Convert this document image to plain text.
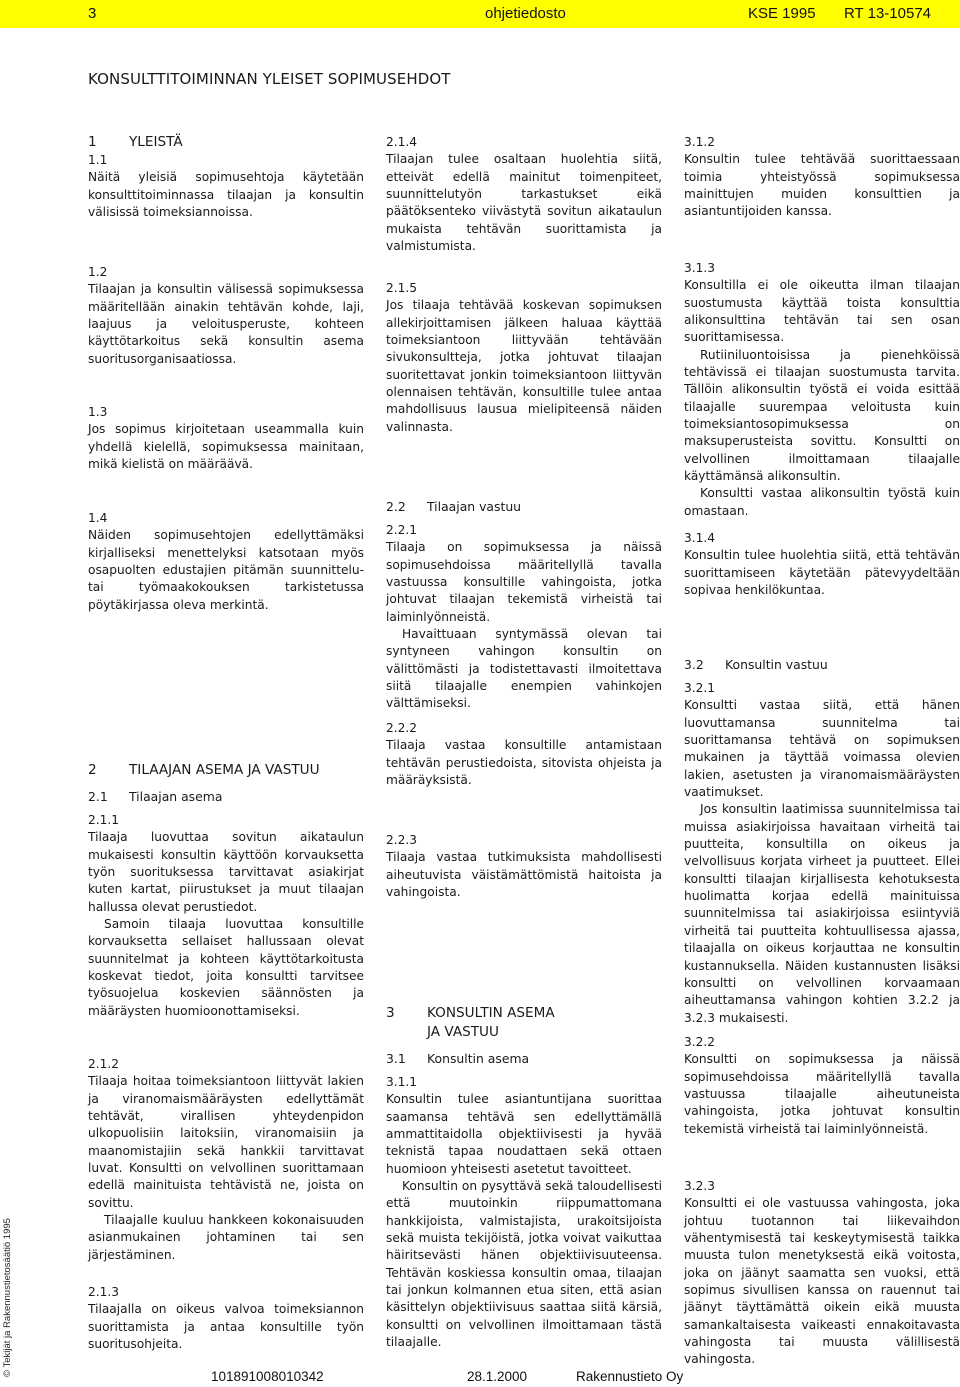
3	ohjetiedosto	KSE 1995 RT 13-10574
KONSULTTITOIMINNAN YLEISET SOPIMUSEHDOT
1 YLEISTÄ

1.1
Näitä yleisiä sopimusehtoja käytetään konsulttitoiminnassa tilaajan ja konsultin välisissä toimeksiannoissa.

1.2
Tilaajan ja konsultin välisessä sopimuksessa määritellään ainakin tehtävän kohde, laji, laajuus ja veloitusperuste, kohteen käyttötarkoitus sekä konsultin asema suoritusorganisaatiossa.

1.3
Jos sopimus kirjoitetaan useammalla kuin yhdellä kielellä, sopimuksessa mainitaan, mikä kielistä on määräävä.

1.4
Näiden sopimusehtojen edellyttämäksi kirjalliseksi menettelyksi katsotaan myös osapuolten edustajien pitämän suunnittelu-tai työmaakokouksen tarkistetussa pöytäkirjassa oleva merkintä.

2 TILAAJAN ASEMA JA VASTUU
2.1 Tilaajan asema

2.1.1
Tilaaja luovuttaa sovitun aikataulun mukaisesti konsultin käyttöön korvauksetta työn suorituksessa tarvittavat asiakirjat kuten kartat, piirustukset ja muut tilaajan hallussa olevat perustiedot.
Samoin tilaaja luovuttaa konsultille korvauksetta sellaiset hallussaan olevat suunnitelmat ja kohteen käyttötarkoitusta koskevat tiedot, joita konsultti tarvitsee työsuojelua koskevien säännösten ja määräysten huomioonottamiseksi.

2.1.2
Tilaaja hoitaa toimeksiantoon liittyvät lakien ja viranomaismääräysten edellyttämät tehtävät, virallisen yhteydenpidon ulkopuolisiin laitoksiin, viranomaisiin ja maanomistajiin sekä hankkii tarvittavat luvat. Konsultti on velvollinen suorittamaan edellä mainituista tehtävistä ne, joista on sovittu.
Tilaajalle kuuluu hankkeen kokonaisuuden asianmukainen johtaminen tai sen järjestäminen.

2.1.3
Tilaajalla on oikeus valvoa toimeksiannon suorittamista ja antaa konsultille työn suoritusohjeita.

2.1.4
Tilaajan tulee osaltaan huolehtia siitä, etteivät edellä mainitut toimenpiteet, suunnittelutyön tarkastukset eikä päätöksenteko viivästytä sovitun aikataulun mukaista tehtävän suorittamista ja valmistumista.

2.1.5
Jos tilaaja tehtävää koskevan sopimuksen allekirjoittamisen jälkeen haluaa käyttää toimeksiantoon liittyvään tehtävään sivukonsultteja, jotka johtuvat tilaajan suoritettavat jonkin toimeksiantoon liittyvän olennaisen tehtävän, konsultille tulee antaa mahdollisuus lausua mielipiteensä näiden valinnasta.

2.2 Tilaajan vastuu

2.2.1
Tilaaja on sopimuksessa ja näissä sopimusehdoissa määritellyllä tavalla vastuussa konsultille vahingoista, jotka johtuvat tilaajan tekemistä virheistä tai laiminlyönneistä.
Havaittuaan syntymässä olevan tai syntyneen vahingon konsultin on välittömästi ja todistettavasti ilmoitettava siitä tilaajalle enempien vahinkojen välttämiseksi.

2.2.2
Tilaaja vastaa konsultille antamistaan tehtävän perustiedoista, sitovista ohjeista ja määräyksistä.

2.2.3
Tilaaja vastaa tutkimuksista mahdollisesti aiheutuvista väistämättömistä haitoista ja vahingoista.

3 KONSULTIN ASEMA
JA VASTUU
3.1 Konsultin asema

3.1.1
Konsultin tulee asiantuntijana suorittaa saamansa tehtävä sen edellyttämällä ammattitaidolla objektiivisesti ja hyvää teknistä tapaa noudattaen sekä ottaen huomioon yhteisesti asetetut tavoitteet.
Konsultin on pysyttävä sekä taloudellisesti että muutoinkin riippumattomana hankkijoista, valmistajista, urakoitsijoista sekä muista tekijöistä, jotka voivat vaikuttaa häiritsevästi hänen objektiivisuuteensa. Tehtävän koskiessa konsultin omaa, tilaajan tai jonkun kolmannen etua siten, että asian käsittelyn objektiivisuus saattaa siitä kärsiä, konsultti on velvollinen ilmoittamaan tästä tilaajalle.

3.1.2
Konsultin tulee tehtävää suorittaessaan toimia yhteistyössä sopimuksessa mainittujen muiden konsulttien ja asiantuntijoiden kanssa.

3.1.3
Konsultilla ei ole oikeutta ilman tilaajan suostumusta käyttää toista konsulttia alikonsulttina tehtävän tai sen osan suorittamisessa.
Rutiiniluontoisissa ja pienehköissä tehtävissä ei tilaajan suostumusta tarvita. Tällöin alikonsultin työstä ei voida esittää tilaajalle suurempaa veloitusta kuin toimeksiantosopimuksessa on maksuperusteista sovittu. Konsultti on velvollinen ilmoittamaan tilaajalle käyttämänsä alikonsultin.
Konsultti vastaa alikonsultin työstä kuin omastaan.

3.1.4
Konsultin tulee huolehtia siitä, että tehtävän suorittamiseen käytetään pätevyydeltään sopivaa henkilökuntaa.

3.2 Konsultin vastuu

3.2.1
Konsultti vastaa siitä, että hänen luovuttamansa suunnitelma tai suorittamansa tehtävä on sopimuksen mukainen ja täyttää voimassa olevien lakien, asetusten ja viranomaismääräysten vaatimukset.
Jos konsultin laatimissa suunnitelmissa tai muissa asiakirjoissa havaitaan virheitä tai puutteita, konsultilla on oikeus ja velvollisuus korjata virheet ja puutteet. Ellei konsultti tilaajan kirjallisesta kehotuksesta huolimatta korjaa edellä mainituissa suunnitelmissa tai asiakirjoissa esiintyviä virheitä tai puutteita kohtuullisessa ajassa, tilaajalla on oikeus korjauttaa ne konsultin kustannuksella. Näiden kustannusten lisäksi konsultti on velvollinen korvaamaan aiheuttamansa vahingon kohtien 3.2.2 ja 3.2.3 mukaisesti.

3.2.2
Konsultti on sopimuksessa ja näissä sopimusehdoissa määritellyllä tavalla vastuussa tilaajalle aiheutuneista vahingoista, jotka johtuvat konsultin tekemistä virheistä tai laiminlyönneistä.

3.2.3
Konsultti ei ole vastuussa vahingosta, joka johtuu tuotannon tai liikevaihdon vähentymisestä tai keskeytymisestä taikka muusta tulon menetyksestä eikä voitosta, joka on jäänyt saamatta sen vuoksi, että sopimus sivullisen kanssa on rauennut tai jäänyt täyttämättä oikein eikä muusta samankaltaisesta vaikeasti ennakoitavasta vahingosta tai muusta välillisestä vahingosta.

© Tekijät ja Rakennustietosäätiö 1995	101891008010342	28.1.2000	Rakennustieto Oy
